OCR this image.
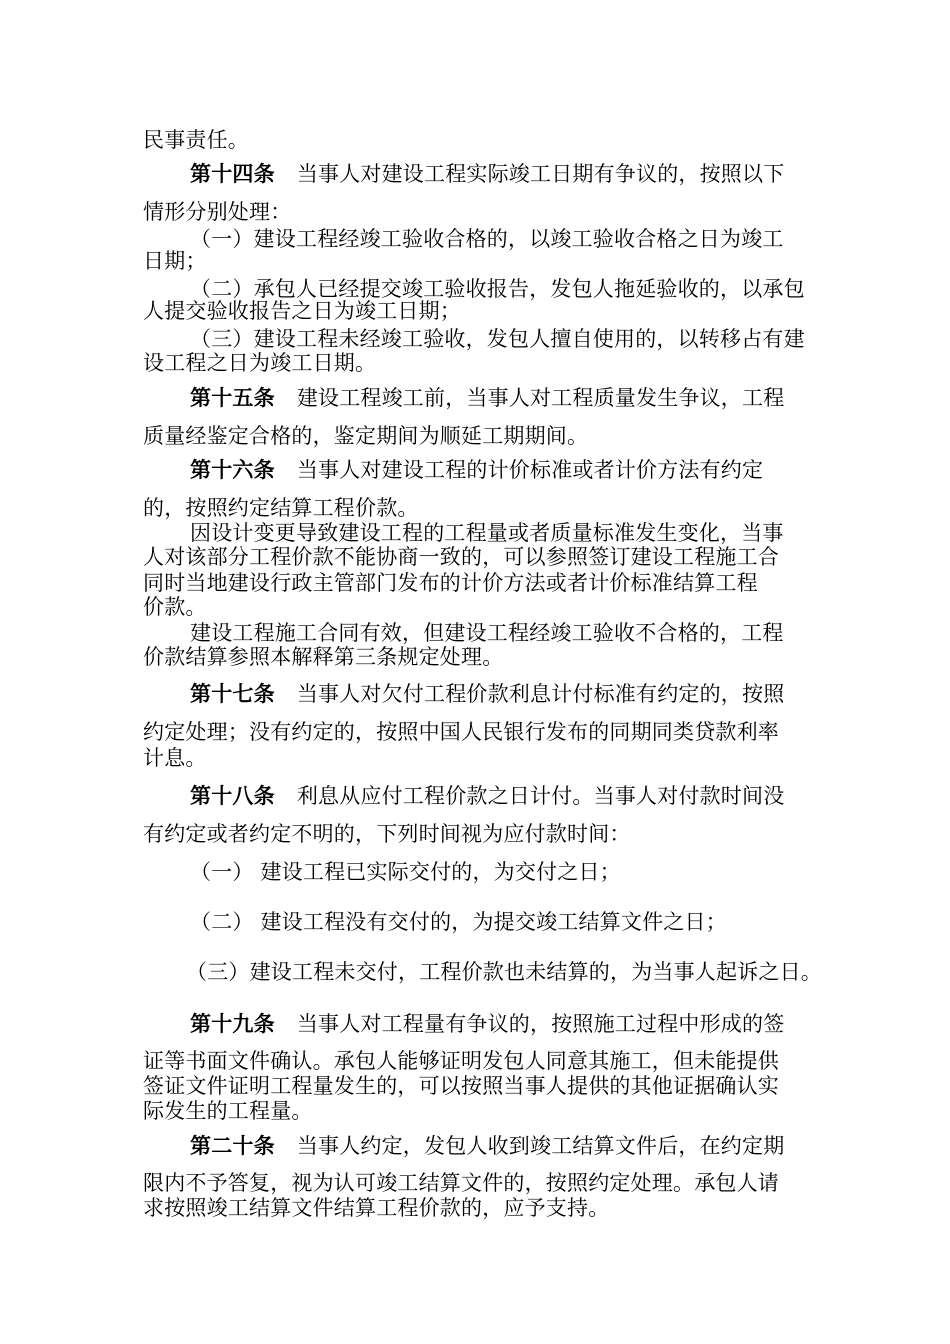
民事责任。
第十四条 当事人对建设工程实际竣工日期有争议的，按照以下
情形分别处理：
（一）建设工程经竣工验收合格的，以竣工验收合格之日为竣工
日期；
（二）承包人已经提交竣工验收报告，发包人拖延验收的，以承包
人提交验收报告之日为竣工日期；
（三）建设工程未经竣工验收，发包人擅自使用的，以转移占有建
设工程之日为竣工日期。
第十五条 建设工程竣工前，当事人对工程质量发生争议，工程
质量经鉴定合格的，鉴定期间为顺延工期期间。
第十六条 当事人对建设工程的计价标准或者计价方法有约定
的，按照约定结算工程价款。
因设计变更导致建设工程的工程量或者质量标准发生变化，当事
人对该部分工程价款不能协商一致的，可以参照签订建设工程施工合
同时当地建设行政主管部门发布的计价方法或者计价标准结算工程
价款。
建设工程施工合同有效，但建设工程经竣工验收不合格的，工程
价款结算参照本解释第三条规定处理。
第十七条 当事人对欠付工程价款利息计付标准有约定的，按照
约定处理；没有约定的，按照中国人民银行发布的同期同类贷款利率
计息。
第十八条 利息从应付工程价款之日计付。当事人对付款时间没
有约定或者约定不明的，下列时间视为应付款时间：
（一） 建设工程已实际交付的，为交付之日；
（二） 建设工程没有交付的，为提交竣工结算文件之日；
（三）建设工程未交付，工程价款也未结算的，为当事人起诉之日。
第十九条 当事人对工程量有争议的，按照施工过程中形成的签
证等书面文件确认。承包人能够证明发包人同意其施工，但未能提供
签证文件证明工程量发生的，可以按照当事人提供的其他证据确认实
际发生的工程量。
第二十条 当事人约定，发包人收到竣工结算文件后，在约定期
限内不予答复，视为认可竣工结算文件的，按照约定处理。承包人请
求按照竣工结算文件结算工程价款的，应予支持。
